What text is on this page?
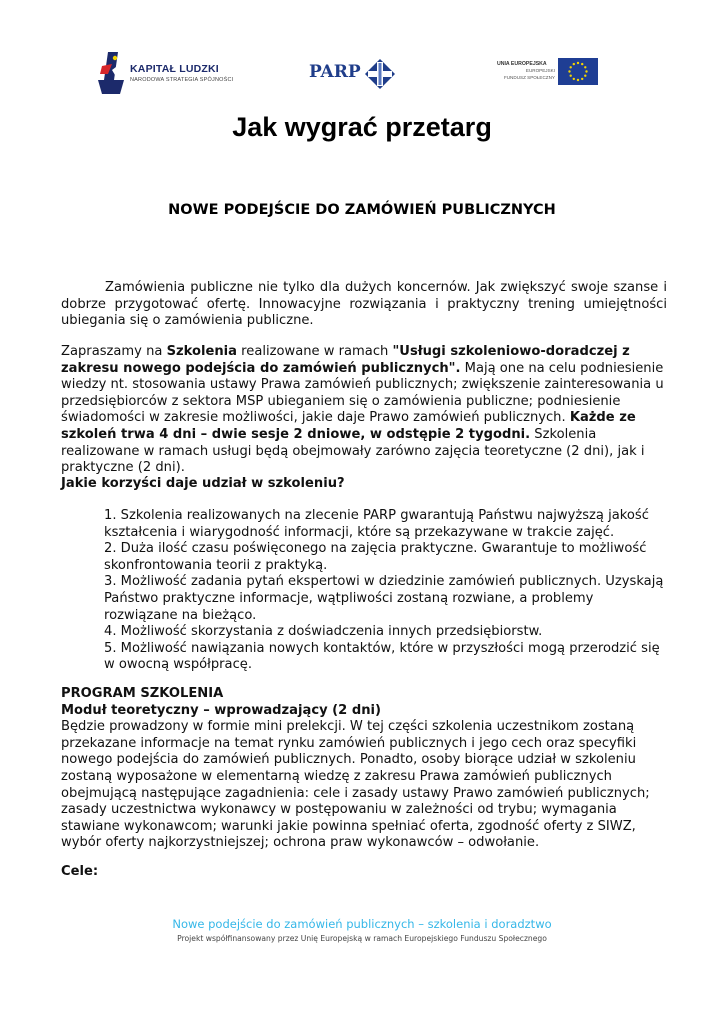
KAPITAŁ LUDZKI
NARODOWA STRATEGIA SPÓJNOŚCI	PARP	UNIA EUROPEJSKA
EUROPEJSKI
FUNDUSZ SPOŁECZNY
Jak wygrać przetarg
NOWE PODEJŚCIE DO ZAMÓWIEŃ PUBLICZNYCH
Zamówienia publiczne nie tylko dla dużych koncernów. Jak zwiększyć swoje szanse i dobrze przygotować ofertę. Innowacyjne rozwiązania i praktyczny trening umiejętności ubiegania się o zamówienia publiczne.
Zapraszamy na Szkolenia realizowane w ramach "Usługi szkoleniowo-doradczej z zakresu nowego podejścia do zamówień publicznych". Mają one na celu podniesienie wiedzy nt. stosowania ustawy Prawa zamówień publicznych; zwiększenie zainteresowania u przedsiębiorców z sektora MSP ubieganiem się o zamówienia publiczne; podniesienie świadomości w zakresie możliwości, jakie daje Prawo zamówień publicznych. Każde ze szkoleń trwa 4 dni – dwie sesje 2 dniowe, w odstępie 2 tygodni. Szkolenia realizowane w ramach usługi będą obejmowały zarówno zajęcia teoretyczne (2 dni), jak i praktyczne (2 dni).
Jakie korzyści daje udział w szkoleniu?

1. Szkolenia realizowanych na zlecenie PARP gwarantują Państwu najwyższą jakość kształcenia i wiarygodność informacji, które są przekazywane w trakcie zajęć.

2. Duża ilość czasu poświęconego na zajęcia praktyczne. Gwarantuje to możliwość skonfrontowania teorii z praktyką.

3. Możliwość zadania pytań ekspertowi w dziedzinie zamówień publicznych. Uzyskają Państwo praktyczne informacje, wątpliwości zostaną rozwiane, a problemy rozwiązane na bieżąco.

4. Możliwość skorzystania z doświadczenia innych przedsiębiorstw.

5. Możliwość nawiązania nowych kontaktów, które w przyszłości mogą przerodzić się w owocną współpracę.

PROGRAM SZKOLENIA
Moduł teoretyczny – wprowadzający (2 dni)
Będzie prowadzony w formie mini prelekcji. W tej części szkolenia uczestnikom zostaną przekazane informacje na temat rynku zamówień publicznych i jego cech oraz specyfiki nowego podejścia do zamówień publicznych. Ponadto, osoby biorące udział w szkoleniu zostaną wyposażone w elementarną wiedzę z zakresu Prawa zamówień publicznych obejmującą następujące zagadnienia: cele i zasady ustawy Prawo zamówień publicznych; zasady uczestnictwa wykonawcy w postępowaniu w zależności od trybu; wymagania stawiane wykonawcom; warunki jakie powinna spełniać oferta, zgodność oferty z SIWZ, wybór oferty najkorzystniejszej; ochrona praw wykonawców – odwołanie.
Cele:
Nowe podejście do zamówień publicznych – szkolenia i doradztwo
Projekt współfinansowany przez Unię Europejską w ramach Europejskiego Funduszu Społecznego
